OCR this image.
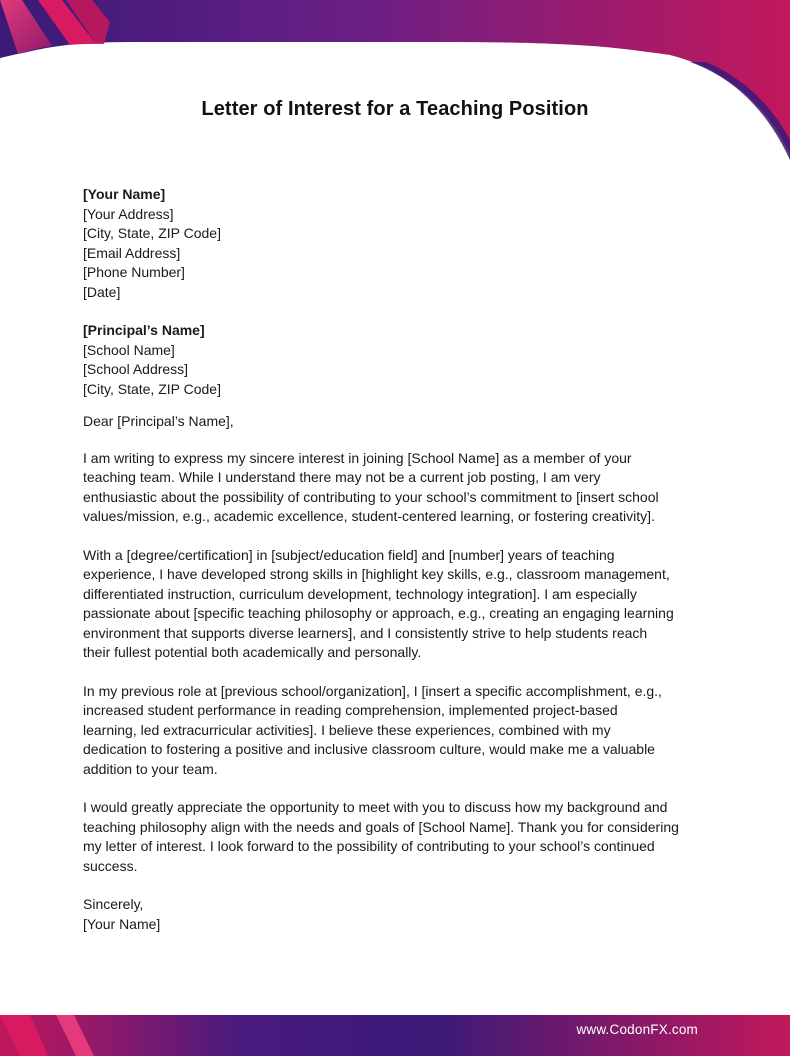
Letter of Interest for a Teaching Position
[Your Name]
[Your Address]
[City, State, ZIP Code]
[Email Address]
[Phone Number]
[Date]
[Principal’s Name]
[School Name]
[School Address]
[City, State, ZIP Code]
Dear [Principal’s Name],
I am writing to express my sincere interest in joining [School Name] as a member of your
teaching team. While I understand there may not be a current job posting, I am very
enthusiastic about the possibility of contributing to your school’s commitment to [insert school
values/mission, e.g., academic excellence, student-centered learning, or fostering creativity].
With a [degree/certification] in [subject/education field] and [number] years of teaching
experience, I have developed strong skills in [highlight key skills, e.g., classroom management,
differentiated instruction, curriculum development, technology integration]. I am especially
passionate about [specific teaching philosophy or approach, e.g., creating an engaging learning
environment that supports diverse learners], and I consistently strive to help students reach
their fullest potential both academically and personally.
In my previous role at [previous school/organization], I [insert a specific accomplishment, e.g.,
increased student performance in reading comprehension, implemented project-based
learning, led extracurricular activities]. I believe these experiences, combined with my
dedication to fostering a positive and inclusive classroom culture, would make me a valuable
addition to your team.
I would greatly appreciate the opportunity to meet with you to discuss how my background and
teaching philosophy align with the needs and goals of [School Name]. Thank you for considering
my letter of interest. I look forward to the possibility of contributing to your school’s continued
success.
Sincerely,
[Your Name]
www.CodonFX.com
